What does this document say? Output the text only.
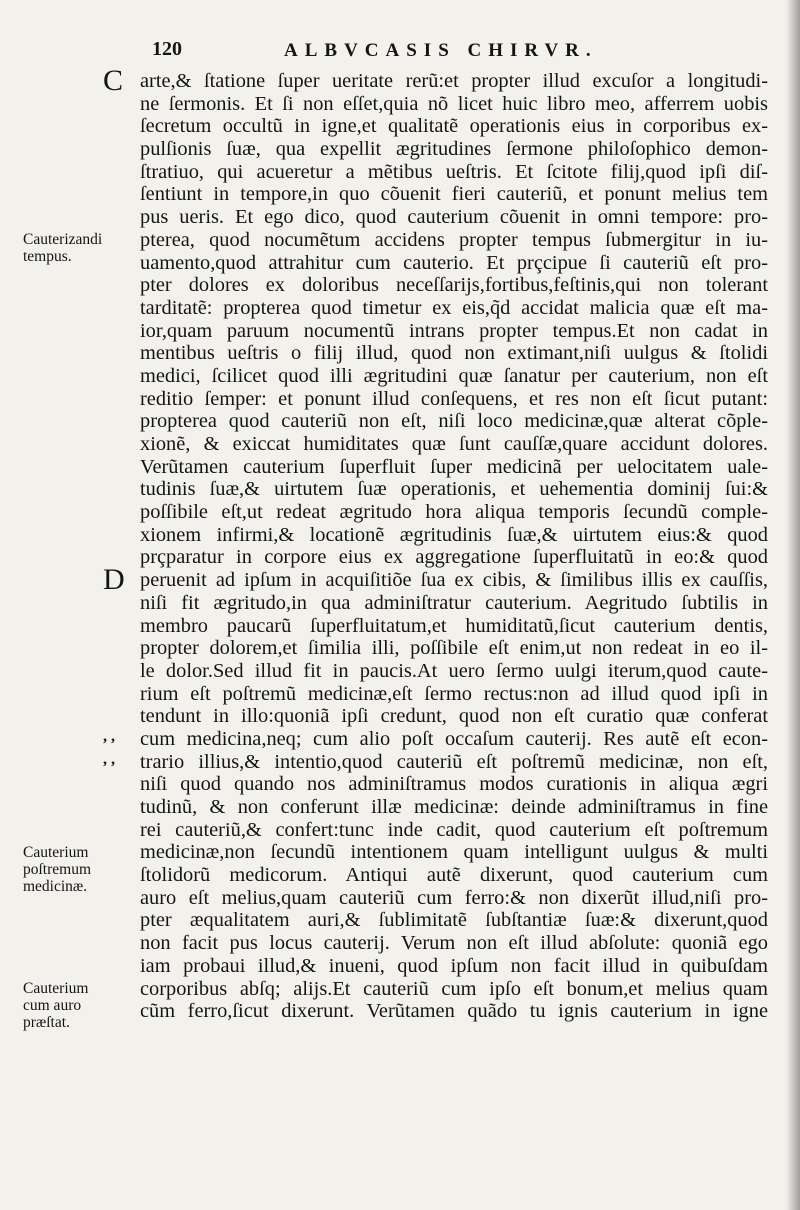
120	ALBVCASIS CHIRVR.
C
D
, ,
, ,
Cauterizandi
tempus.
Cauterium
poſtremum
medicinæ.
Cauterium
cum auro
præſtat.
arte,& ſtatione ſuper ueritate rerũ:et propter illud excuſor a longitudi-
ne ſermonis. Et ſi non eſſet,quia nõ licet huic libro meo, afferrem uobis
ſecretum occultũ in igne,et qualitatẽ operationis eius in corporibus ex-
pulſionis ſuæ, qua expellit ægritudines ſermone philoſophico demon-
ſtratiuo, qui acueretur a mẽtibus ueſtris. Et ſcitote filij,quod ipſi diſ-
ſentiunt in tempore,in quo cõuenit fieri cauteriũ, et ponunt melius tem
pus ueris. Et ego dico, quod cauterium cõuenit in omni tempore: pro-
pterea, quod nocumẽtum accidens propter tempus ſubmergitur in iu-
uamento,quod attrahitur cum cauterio. Et prçcipue ſi cauteriũ eſt pro-
pter dolores ex doloribus neceſſarijs,fortibus,feſtinis,qui non tolerant
tarditatẽ: propterea quod timetur ex eis,q̃d accidat malicia quæ eſt ma-
ior,quam paruum nocumentũ intrans propter tempus.Et non cadat in
mentibus ueſtris o filij illud, quod non extimant,niſi uulgus & ſtolidi
medici, ſcilicet quod illi ægritudini quæ ſanatur per cauterium, non eſt
reditio ſemper: et ponunt illud conſequens, et res non eſt ſicut putant:
propterea quod cauteriũ non eſt, niſi loco medicinæ,quæ alterat cõple-
xionẽ, & exiccat humiditates quæ ſunt cauſſæ,quare accidunt dolores.
Verũtamen cauterium ſuperfluit ſuper medicinã per uelocitatem uale-
tudinis ſuæ,& uirtutem ſuæ operationis, et uehementia dominij ſui:&
poſſibile eſt,ut redeat ægritudo hora aliqua temporis ſecundũ comple-
xionem infirmi,& locationẽ ægritudinis ſuæ,& uirtutem eius:& quod
prçparatur in corpore eius ex aggregatione ſuperfluitatũ in eo:& quod
peruenit ad ipſum in acquiſitiõe ſua ex cibis, & ſimilibus illis ex cauſſis,
niſi fit ægritudo,in qua adminiſtratur cauterium. Aegritudo ſubtilis in
membro paucarũ ſuperfluitatum,et humiditatũ,ſicut cauterium dentis,
propter dolorem,et ſimilia illi, poſſibile eſt enim,ut non redeat in eo il-
le dolor.Sed illud fit in paucis.At uero ſermo uulgi iterum,quod caute-
rium eſt poſtremũ medicinæ,eſt ſermo rectus:non ad illud quod ipſi in
tendunt in illo:quoniã ipſi credunt, quod non eſt curatio quæ conferat
cum medicina,neq; cum alio poſt occaſum cauterij. Res autẽ eſt econ-
trario illius,& intentio,quod cauteriũ eſt poſtremũ medicinæ, non eſt,
niſi quod quando nos adminiſtramus modos curationis in aliqua ægri
tudinũ, & non conferunt illæ medicinæ: deinde adminiſtramus in fine
rei cauteriũ,& confert:tunc inde cadit, quod cauterium eſt poſtremum
medicinæ,non ſecundũ intentionem quam intelligunt uulgus & multi
ſtolidorũ medicorum. Antiqui autẽ dixerunt, quod cauterium cum
auro eſt melius,quam cauteriũ cum ferro:& non dixerũt illud,niſi pro-
pter æqualitatem auri,& ſublimitatẽ ſubſtantiæ ſuæ:& dixerunt,quod
non facit pus locus cauterij. Verum non eſt illud abſolute: quoniã ego
iam probaui illud,& inueni, quod ipſum non facit illud in quibuſdam
corporibus abſq; alijs.Et cauteriũ cum ipſo eſt bonum,et melius quam
cũm ferro,ſicut dixerunt. Verũtamen quãdo tu ignis cauterium in igne
